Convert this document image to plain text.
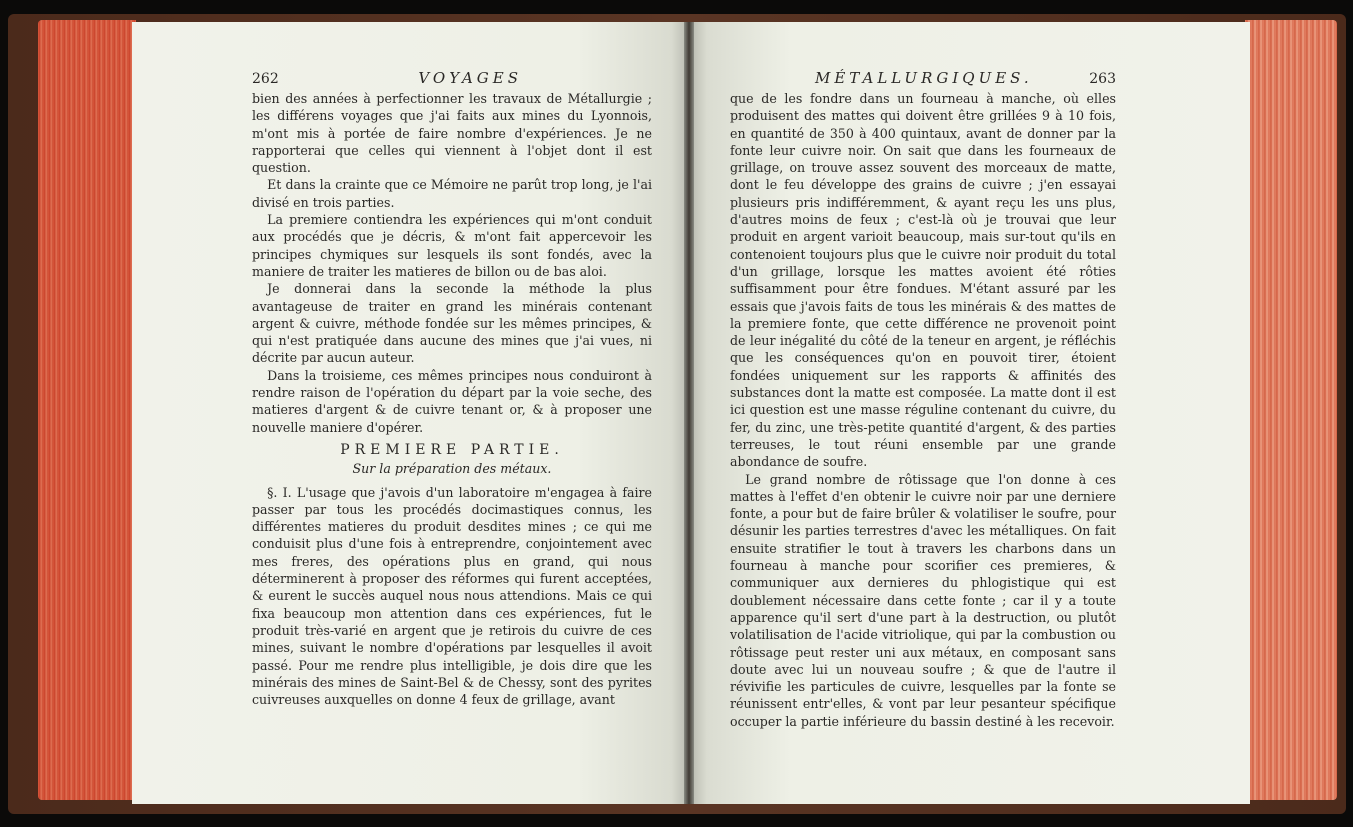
262	VOYAGES

bien des années à perfectionner les travaux de Métallurgie ; les différens voyages que j'ai faits aux mines du Lyonnois, m'ont mis à portée de faire nombre d'expériences. Je ne rapporterai que celles qui viennent à l'objet dont il est question.

Et dans la crainte que ce Mémoire ne parût trop long, je l'ai divisé en trois parties.

La premiere contiendra les expériences qui m'ont conduit aux procédés que je décris, & m'ont fait appercevoir les principes chymiques sur lesquels ils sont fondés, avec la maniere de traiter les matieres de billon ou de bas aloi.

Je donnerai dans la seconde la méthode la plus avantageuse de traiter en grand les minérais contenant argent & cuivre, méthode fondée sur les mêmes principes, & qui n'est pratiquée dans aucune des mines que j'ai vues, ni décrite par aucun auteur.

Dans la troisieme, ces mêmes principes nous conduiront à rendre raison de l'opération du départ par la voie seche, des matieres d'argent & de cuivre tenant or, & à proposer une nouvelle maniere d'opérer.

PREMIERE PARTIE.
Sur la préparation des métaux.

§. I. L'usage que j'avois d'un laboratoire m'engagea à faire passer par tous les procédés docimastiques connus, les différentes matieres du produit desdites mines ; ce qui me conduisit plus d'une fois à entreprendre, conjointement avec mes freres, des opérations plus en grand, qui nous déterminerent à proposer des réformes qui furent acceptées, & eurent le succès auquel nous nous attendions. Mais ce qui fixa beaucoup mon attention dans ces expériences, fut le produit très-varié en argent que je retirois du cuivre de ces mines, suivant le nombre d'opérations par lesquelles il avoit passé. Pour me rendre plus intelligible, je dois dire que les minérais des mines de Saint-Bel & de Chessy, sont des pyrites cuivreuses auxquelles on donne 4 feux de grillage, avant

MÉTALLURGIQUES.	263

que de les fondre dans un fourneau à manche, où elles produisent des mattes qui doivent être grillées 9 à 10 fois, en quantité de 350 à 400 quintaux, avant de donner par la fonte leur cuivre noir. On sait que dans les fourneaux de grillage, on trouve assez souvent des morceaux de matte, dont le feu développe des grains de cuivre ; j'en essayai plusieurs pris indifféremment, & ayant reçu les uns plus, d'autres moins de feux ; c'est-là où je trouvai que leur produit en argent varioit beaucoup, mais sur-tout qu'ils en contenoient toujours plus que le cuivre noir produit du total d'un grillage, lorsque les mattes avoient été rôties suffisamment pour être fondues. M'étant assuré par les essais que j'avois faits de tous les minérais & des mattes de la premiere fonte, que cette différence ne provenoit point de leur inégalité du côté de la teneur en argent, je réfléchis que les conséquences qu'on en pouvoit tirer, étoient fondées uniquement sur les rapports & affinités des substances dont la matte est composée. La matte dont il est ici question est une masse réguline contenant du cuivre, du fer, du zinc, une très-petite quantité d'argent, & des parties terreuses, le tout réuni ensemble par une grande abondance de soufre.

Le grand nombre de rôtissage que l'on donne à ces mattes à l'effet d'en obtenir le cuivre noir par une derniere fonte, a pour but de faire brûler & volatiliser le soufre, pour désunir les parties terrestres d'avec les métalliques. On fait ensuite stratifier le tout à travers les charbons dans un fourneau à manche pour scorifier ces premieres, & communiquer aux dernieres du phlogistique qui est doublement nécessaire dans cette fonte ; car il y a toute apparence qu'il sert d'une part à la destruction, ou plutôt volatilisation de l'acide vitriolique, qui par la combustion ou rôtissage peut rester uni aux métaux, en composant sans doute avec lui un nouveau soufre ; & que de l'autre il révivifie les particules de cuivre, lesquelles par la fonte se réunissent entr'elles, & vont par leur pesanteur spécifique occuper la partie inférieure du bassin destiné à les recevoir.
